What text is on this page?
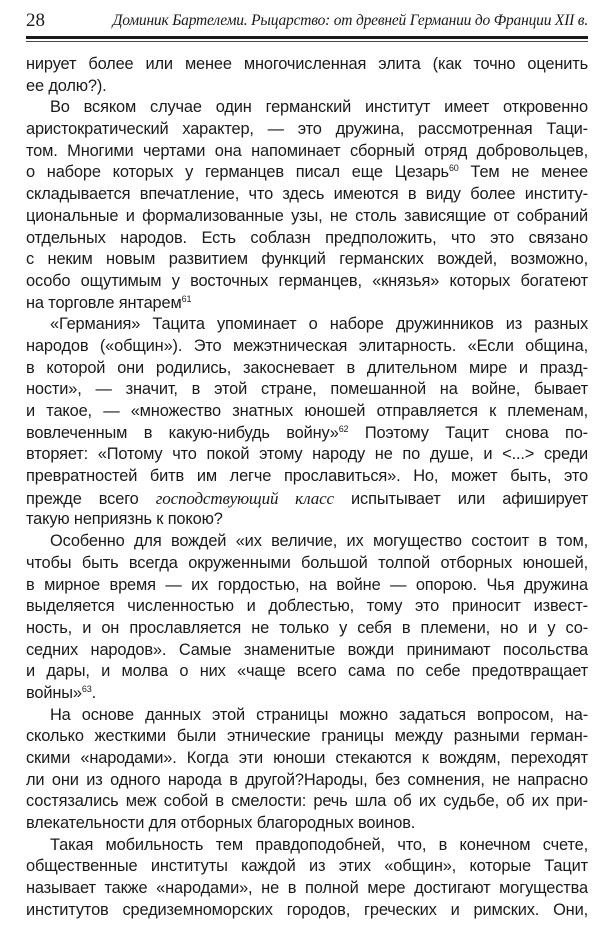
28	Доминик Бартелеми. Рыцарство: от древней Германии до Франции XII в.
нирует более или менее многочисленная элита (как точно оценить
ее долю?).
Во всяком случае один германский институт имеет откровенно
аристократический характер, — это дружина, рассмотренная Таци-
том. Многими чертами она напоминает сборный отряд добровольцев,
о наборе которых у германцев писал еще Цезарь$^{60}$ Тем не менее
складывается впечатление, что здесь имеются в виду более институ-
циональные и формализованные узы, не столь зависящие от собраний
отдельных народов. Есть соблазн предположить, что это связано
с неким новым развитием функций германских вождей, возможно,
особо ощутимым у восточных германцев, «князья» которых богатеют
на торговле янтарем$^{61}$
«Германия» Тацита упоминает о наборе дружинников из разных
народов («общин»). Это межэтническая элитарность. «Если община,
в которой они родились, закосневает в длительном мире и празд-
ности», — значит, в этой стране, помешанной на войне, бывает
и такое, — «множество знатных юношей отправляется к племенам,
вовлеченным в какую-нибудь войну»$^{62}$ Поэтому Тацит снова по-
вторяет: «Потому что покой этому народу не по душе, и <...> среди
превратностей битв им легче прославиться». Но, может быть, это
прежде всего господствующий класс испытывает или афиширует
такую неприязнь к покою?
Особенно для вождей «их величие, их могущество состоит в том,
чтобы быть всегда окруженными большой толпой отборных юношей,
в мирное время — их гордостью, на войне — опорою. Чья дружина
выделяется численностью и доблестью, тому это приносит извест-
ность, и он прославляется не только у себя в племени, но и у со-
седних народов». Самые знаменитые вожди принимают посольства
и дары, и молва о них «чаще всего сама по себе предотвращает
войны»$^{63}$.
На основе данных этой страницы можно задаться вопросом, на-
сколько жесткими были этнические границы между разными герман-
скими «народами». Когда эти юноши стекаются к вождям, переходят
ли они из одного народа в другой?Народы, без сомнения, не напрасно
состязались меж собой в смелости: речь шла об их судьбе, об их при-
влекательности для отборных благородных воинов.
Такая мобильность тем правдоподобней, что, в конечном счете,
общественные институты каждой из этих «общин», которые Тацит
называет также «народами», не в полной мере достигают могущества
институтов средиземноморских городов, греческих и римских. Они,
